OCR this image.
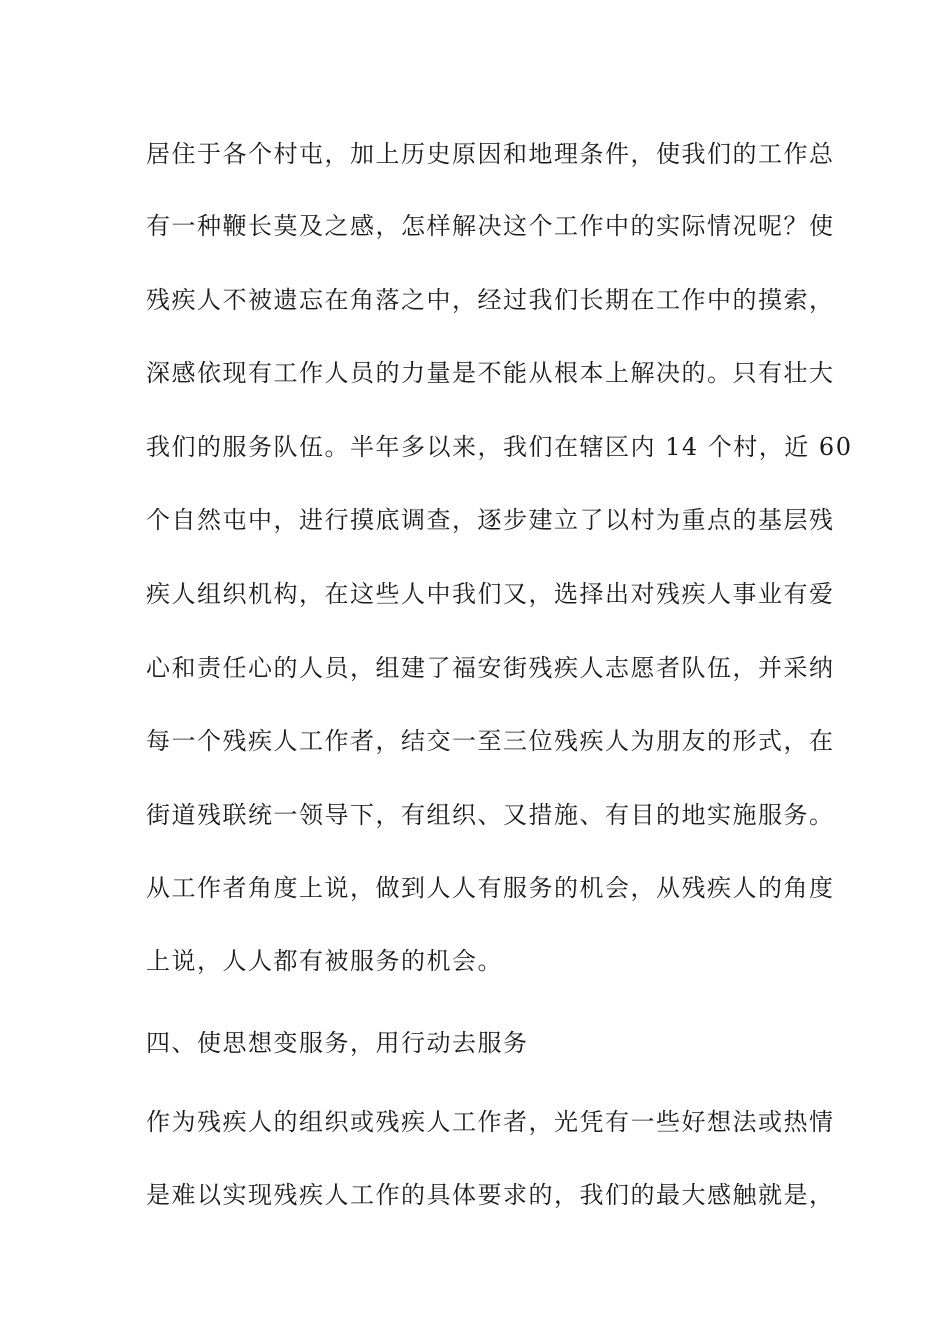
居住于各个村屯，加上历史原因和地理条件，使我们的工作总
有一种鞭长莫及之感，怎样解决这个工作中的实际情况呢？使
残疾人不被遗忘在角落之中，经过我们长期在工作中的摸索，
深感依现有工作人员的力量是不能从根本上解决的。只有壮大
我们的服务队伍。半年多以来，我们在辖区内 14 个村，近 60
个自然屯中，进行摸底调查，逐步建立了以村为重点的基层残
疾人组织机构，在这些人中我们又，选择出对残疾人事业有爱
心和责任心的人员，组建了福安街残疾人志愿者队伍，并采纳
每一个残疾人工作者，结交一至三位残疾人为朋友的形式，在
街道残联统一领导下，有组织、又措施、有目的地实施服务。
从工作者角度上说，做到人人有服务的机会，从残疾人的角度
上说，人人都有被服务的机会。
四、使思想变服务，用行动去服务
作为残疾人的组织或残疾人工作者，光凭有一些好想法或热情
是难以实现残疾人工作的具体要求的，我们的最大感触就是，
